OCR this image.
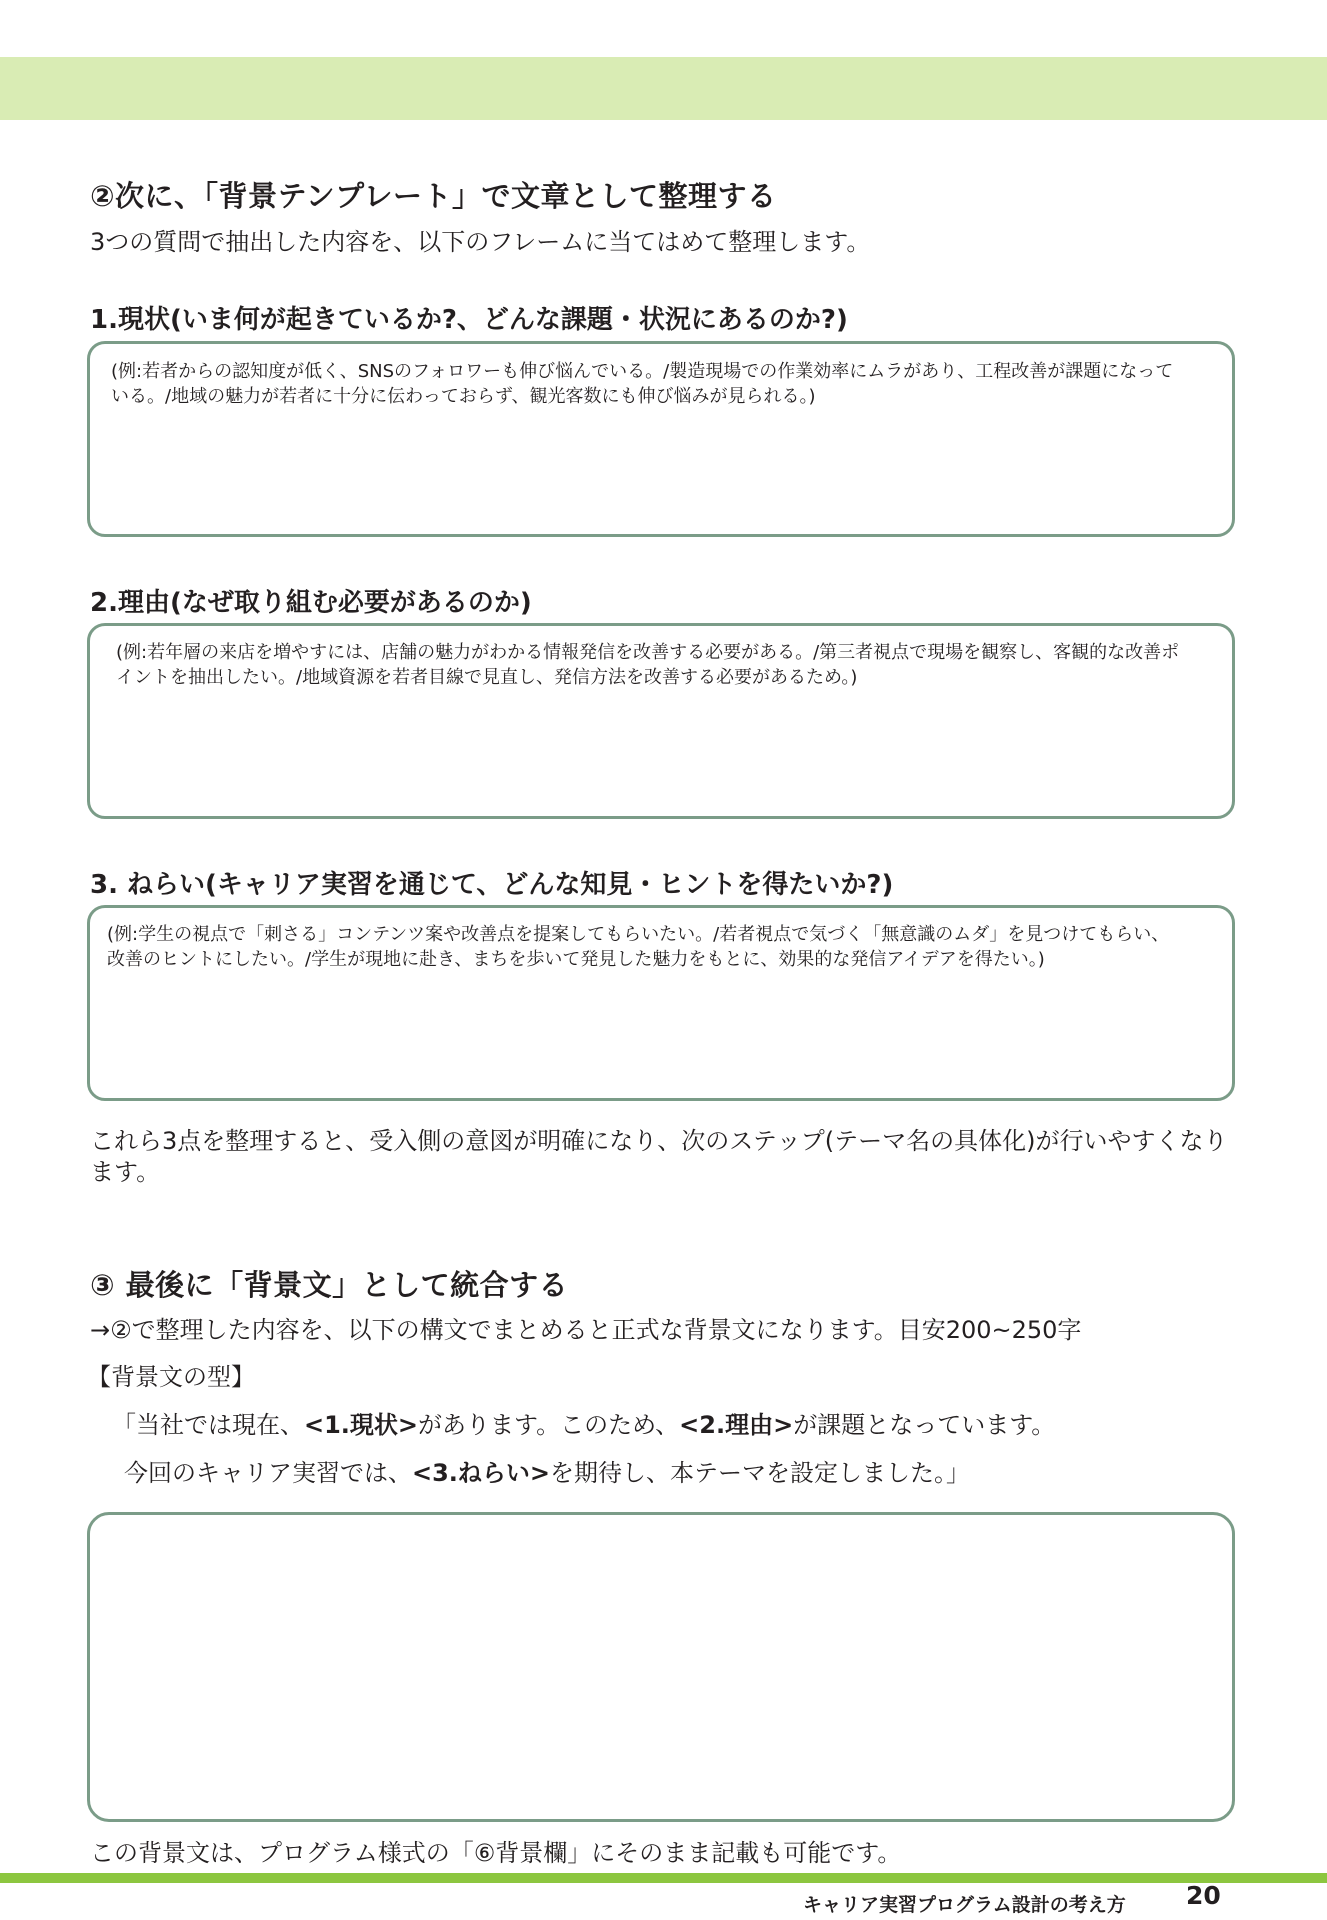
②次に、「背景テンプレート」で文章として整理する
3つの質問で抽出した内容を、以下のフレームに当てはめて整理します。
1.現状(いま何が起きているか?、どんな課題・状況にあるのか?)
(例:若者からの認知度が低く、SNSのフォロワーも伸び悩んでいる。/製造現場での作業効率にムラがあり、工程改善が課題になっている。/地域の魅力が若者に十分に伝わっておらず、観光客数にも伸び悩みが見られる。)
2.理由(なぜ取り組む必要があるのか)
(例:若年層の来店を増やすには、店舗の魅力がわかる情報発信を改善する必要がある。/第三者視点で現場を観察し、客観的な改善ポイントを抽出したい。/地域資源を若者目線で見直し、発信方法を改善する必要があるため。)
3. ねらい(キャリア実習を通じて、どんな知見・ヒントを得たいか?)
(例:学生の視点で「刺さる」コンテンツ案や改善点を提案してもらいたい。/若者視点で気づく「無意識のムダ」を見つけてもらい、改善のヒントにしたい。/学生が現地に赴き、まちを歩いて発見した魅力をもとに、効果的な発信アイデアを得たい。)
これら3点を整理すると、受入側の意図が明確になり、次のステップ(テーマ名の具体化)が行いやすくなります。
③ 最後に「背景文」として統合する
→②で整理した内容を、以下の構文でまとめると正式な背景文になります。目安200~250字
【背景文の型】
「当社では現在、<1.現状>があります。このため、<2.理由>が課題となっています。
今回のキャリア実習では、<3.ねらい>を期待し、本テーマを設定しました。」
この背景文は、プログラム様式の「⑥背景欄」にそのまま記載も可能です。
キャリア実習プログラム設計の考え方 20
